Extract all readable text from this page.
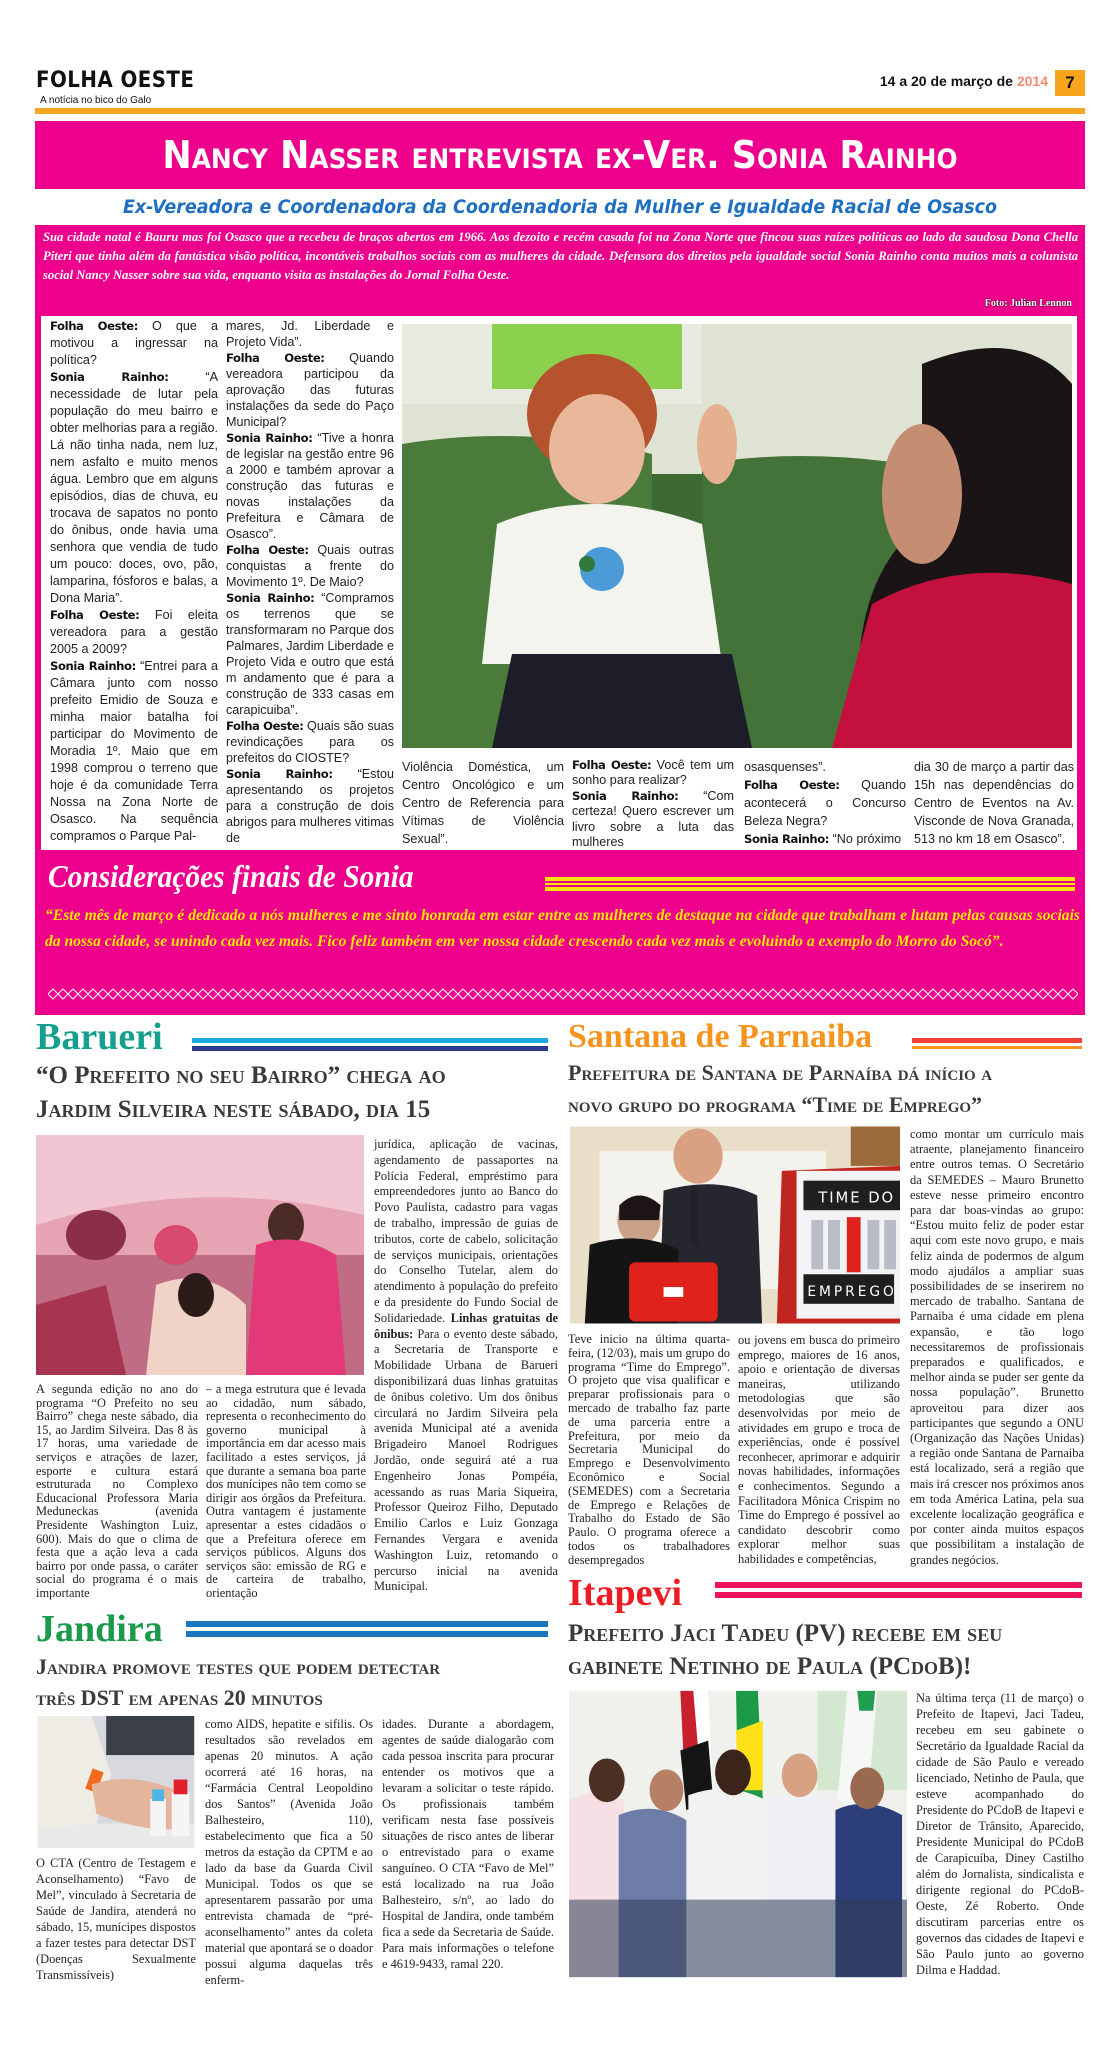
FOLHA OESTE
A notícia no bico do Galo
14 a 20 de março de 2014	7
Nancy Nasser entrevista ex-Ver. Sonia Rainho
Ex-Vereadora e Coordenadora da Coordenadoria da Mulher e Igualdade Racial de Osasco
Sua cidade natal é Bauru mas foi Osasco que a recebeu de braços abertos em 1966. Aos dezoito e recém casada foi na Zona Norte que fincou suas raízes políticas ao lado da saudosa Dona Chella Piteri que tinha além da fantástica visão política, incontáveis trabalhos sociais com as mulheres da cidade. Defensora dos direitos pela igualdade social Sonia Rainho conta muitos mais a colunista social Nancy Nasser sobre sua vida, enquanto visita as instalações do Jornal Folha Oeste.
Foto: Julian Lennon
Folha Oeste: O que a motivou a ingressar na política?
Sonia Rainho: “A necessidade de lutar pela população do meu bairro e obter melhorias para a região. Lá não tinha nada, nem luz, nem asfalto e muito menos água. Lembro que em alguns episódios, dias de chuva, eu trocava de sapatos no ponto do ônibus, onde havia uma senhora que vendia de tudo um pouco: doces, ovo, pão, lamparina, fósforos e balas, a Dona Maria”.
Folha Oeste: Foi eleita vereadora para a gestão 2005 a 2009?
Sonia Rainho: “Entrei para a Câmara junto com nosso prefeito Emidio de Souza e minha maior batalha foi participar do Movimento de Moradia 1º. Maio que em 1998 comprou o terreno que hoje é da comunidade Terra Nossa na Zona Norte de Osasco. Na sequência compramos o Parque Pal-
mares, Jd. Liberdade e Projeto Vida”.
Folha Oeste: Quando vereadora participou da aprovação das futuras instalações da sede do Paço Municipal?
Sonia Rainho: “Tive a honra de legislar na gestão entre 96 a 2000 e também aprovar a construção das futuras e novas instalações da Prefeitura e Câmara de Osasco”.
Folha Oeste: Quais outras conquistas a frente do Movimento 1º. De Maio?
Sonia Rainho: “Compramos os terrenos que se transformaram no Parque dos Palmares, Jardim Liberdade e Projeto Vida e outro que está m andamento que é para a construção de 333 casas em carapicuiba”.
Folha Oeste: Quais são suas revindicações para os prefeitos do CIOSTE?
Sonia Rainho: “Estou apresentando os projetos para a construção de dois abrigos para mulheres vitimas de
Violência Doméstica, um Centro Oncológico e um Centro de Referencia para Vítimas de Violência Sexual”.
Folha Oeste: Você tem um sonho para realizar?
Sonia Rainho: “Com certeza! Quero escrever um livro sobre a luta das mulheres
osasquenses”.
Folha Oeste: Quando acontecerá o Concurso Beleza Negra?
Sonia Rainho: “No próximo
dia 30 de março a partir das 15h nas dependências do Centro de Eventos na Av. Visconde de Nova Granada, 513 no km 18 em Osasco”.
Considerações finais de Sonia
“Este mês de março é dedicado a nós mulheres e me sinto honrada em estar entre as mulheres de destaque na cidade que trabalham e lutam pelas causas sociais da nossa cidade, se unindo cada vez mais. Fico feliz também em ver nossa cidade crescendo cada vez mais e evoluindo a exemplo do Morro do Socó”.
Barueri
“O Prefeito no seu Bairro” chega ao
Jardim Silveira neste sábado, dia 15
A segunda edição no ano do programa “O Prefeito no seu Bairro” chega neste sábado, dia 15, ao Jardim Silveira. Das 8 às 17 horas, uma variedade de serviços e atrações de lazer, esporte e cultura estará estruturada no Complexo Educacional Professora Maria Meduneckas (avenida Presidente Washington Luiz, 600). Mais do que o clima de festa que a ação leva a cada bairro por onde passa, o caráter social do programa é o mais importante
– a mega estrutura que é levada ao cidadão, num sábado, representa o reconhecimento do governo municipal à importância em dar acesso mais facilitado a estes serviços, já que durante a semana boa parte dos munícipes não tem como se dirigir aos órgãos da Prefeitura. Outra vantagem é justamente apresentar a estes cidadãos o que a Prefeitura oferece em serviços públicos. Alguns dos serviços são: emissão de RG e de carteira de trabalho, orientação
jurídica, aplicação de vacinas, agendamento de passaportes na Polícia Federal, empréstimo para empreendedores junto ao Banco do Povo Paulista, cadastro para vagas de trabalho, impressão de guias de tributos, corte de cabelo, solicitação de serviços municipais, orientações do Conselho Tutelar, alem do atendimento à população do prefeito e da presidente do Fundo Social de Solidariedade. Linhas gratuitas de ônibus: Para o evento deste sábado, a Secretaria de Transporte e Mobilidade Urbana de Barueri disponibilizará duas linhas gratuitas de ônibus coletivo. Um dos ônibus circulará no Jardim Silveira pela avenida Municipal até a avenida Brigadeiro Manoel Rodrigues Jordão, onde seguirá até a rua Engenheiro Jonas Pompéia, acessando as ruas Maria Siqueira, Professor Queiroz Filho, Deputado Emilio Carlos e Luiz Gonzaga Fernandes Vergara e avenida Washington Luiz, retomando o percurso inicial na avenida Municipal.
Santana de Parnaiba
Prefeitura de Santana de Parnaíba dá início a
novo grupo do programa “Time de Emprego”
TIME DO
EMPREGO
Teve inicio na última quarta-feira, (12/03), mais um grupo do programa “Time do Emprego”. O projeto que visa qualificar e preparar profissionais para o mercado de trabalho faz parte de uma parceria entre a Prefeitura, por meio da Secretaria Municipal do Emprego e Desenvolvimento Econômico e Social (SEMEDES) com a Secretaria de Emprego e Relações de Trabalho do Estado de São Paulo. O programa oferece a todos os trabalhadores desempregados
ou jovens em busca do primeiro emprego, maiores de 16 anos, apoio e orientação de diversas maneiras, utilizando metodologias que são desenvolvidas por meio de atividades em grupo e troca de experiências, onde é possível reconhecer, aprimorar e adquirir novas habilidades, informações e conhecimentos. Segundo a Facilitadora Mônica Crispim no Time do Emprego é possível ao candidato descobrir como explorar melhor suas habilidades e competências,
como montar um currículo mais atraente, planejamento financeiro entre outros temas. O Secretário da SEMEDES – Mauro Brunetto esteve nesse primeiro encontro para dar boas-vindas ao grupo: “Estou muito feliz de poder estar aqui com este novo grupo, e mais feliz ainda de podermos de algum modo ajudálos a ampliar suas possibilidades de se inserirem no mercado de trabalho. Santana de Parnaiba é uma cidade em plena expansão, e tão logo necessitaremos de profissionais preparados e qualificados, e melhor ainda se puder ser gente da nossa população”. Brunetto aproveitou para dizer aos participantes que segundo a ONU (Organização das Nações Unidas) a região onde Santana de Parnaiba está localizado, será a região que mais irá crescer nos próximos anos em toda América Latina, pela sua excelente localização geográfica e por conter ainda muitos espaços que possibilitam a instalação de grandes negócios.
Itapevi
Prefeito Jaci Tadeu (PV) recebe em seu
gabinete Netinho de Paula (PCdoB)!
Na última terça (11 de março) o Prefeito de Itapevi, Jaci Tadeu, recebeu em seu gabinete o Secretário da Igualdade Racial da cidade de São Paulo e vereado licenciado, Netinho de Paula, que esteve acompanhado do Presidente do PCdoB de Itapevi e Diretor de Trânsito, Aparecido, Presidente Municipal do PCdoB de Carapicuíba, Diney Castilho além do Jornalista, sindicalista e dirigente regional do PCdoB-Oeste, Zé Roberto. Onde discutiram parcerias entre os governos das cidades de Itapevi e São Paulo junto ao governo Dilma e Haddad.
Jandira
Jandira promove testes que podem detectar
três DST em apenas 20 minutos
O CTA (Centro de Testagem e Aconselhamento) “Favo de Mel”, vinculado à Secretaria de Saúde de Jandira, atenderá no sábado, 15, munícipes dispostos a fazer testes para detectar DST (Doenças Sexualmente Transmissíveis)
como AIDS, hepatite e sifilis. Os resultados são revelados em apenas 20 minutos. A ação ocorrerá até 16 horas, na “Farmácia Central Leopoldino dos Santos” (Avenida João Balhesteiro, 110), estabelecimento que fica a 50 metros da estação da CPTM e ao lado da base da Guarda Civil Municipal. Todos os que se apresentarem passarão por uma entrevista chamada de “pré-aconselhamento” antes da coleta material que apontará se o doador possui alguma daquelas três enferm-
idades. Durante a abordagem, agentes de saúde dialogarão com cada pessoa inscrita para procurar entender os motivos que a levaram a solicitar o teste rápido. Os profissionais também verificam nesta fase possíveis situações de risco antes de liberar o entrevistado para o exame sanguíneo. O CTA “Favo de Mel” está localizado na rua João Balhesteiro, s/nº, ao lado do Hospital de Jandira, onde também fica a sede da Secretaria de Saúde. Para mais informações o telefone e 4619-9433, ramal 220.
